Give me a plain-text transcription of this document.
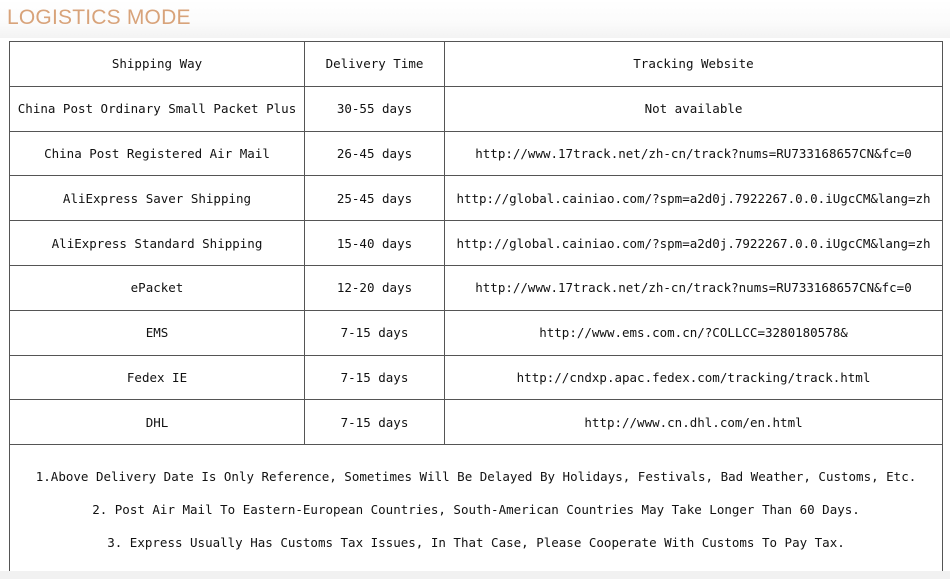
LOGISTICS MODE
Shipping Way	Delivery Time	Tracking Website
China Post Ordinary Small Packet Plus	30-55 days	Not available
China Post Registered Air Mail	26-45 days	http://www.17track.net/zh-cn/track?nums=RU733168657CN&fc=0
AliExpress Saver Shipping	25-45 days	http://global.cainiao.com/?spm=a2d0j.7922267.0.0.iUgcCM&lang=zh
AliExpress Standard Shipping	15-40 days	http://global.cainiao.com/?spm=a2d0j.7922267.0.0.iUgcCM&lang=zh
ePacket	12-20 days	http://www.17track.net/zh-cn/track?nums=RU733168657CN&fc=0
EMS	7-15 days	http://www.ems.com.cn/?COLLCC=3280180578&
Fedex IE	7-15 days	http://cndxp.apac.fedex.com/tracking/track.html
DHL	7-15 days	http://www.cn.dhl.com/en.html

1.Above Delivery Date Is Only Reference, Sometimes Will Be Delayed By Holidays, Festivals, Bad Weather, Customs, Etc.
2. Post Air Mail To Eastern-European Countries, South-American Countries May Take Longer Than 60 Days.
3. Express Usually Has Customs Tax Issues, In That Case, Please Cooperate With Customs To Pay Tax.		
